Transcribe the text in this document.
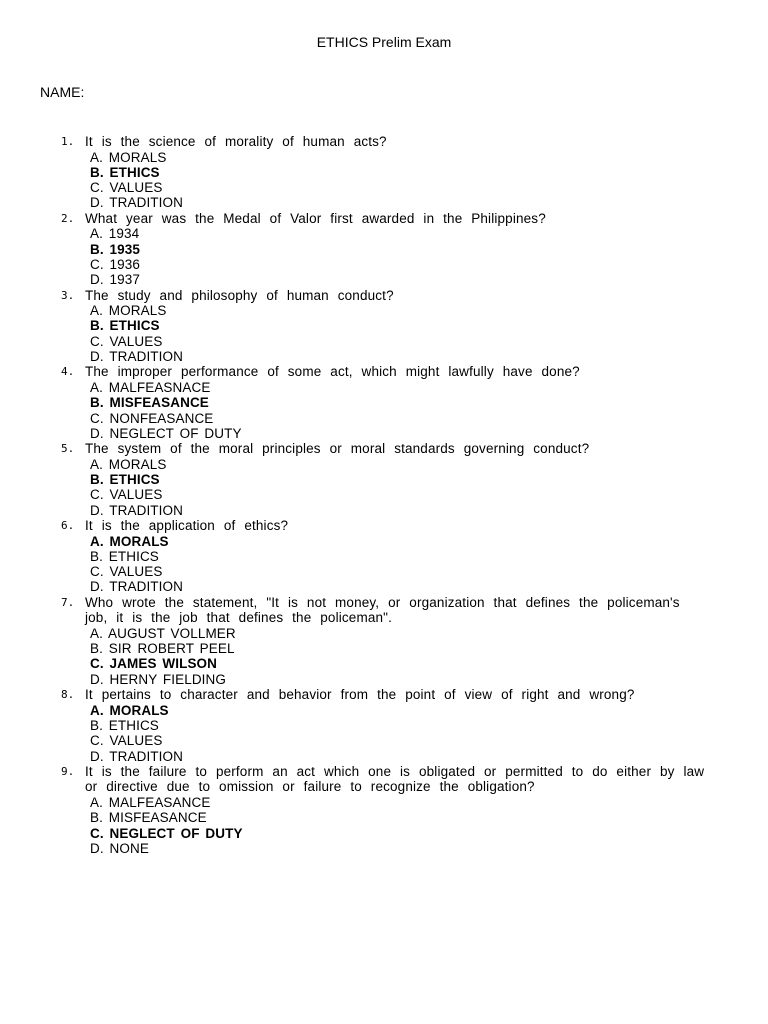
ETHICS Prelim Exam
NAME:
1. It is the science of morality of human acts?
A. MORALS
B. ETHICS
C. VALUES
D. TRADITION
2. What year was the Medal of Valor first awarded in the Philippines?
A. 1934
B. 1935
C. 1936
D. 1937
3. The study and philosophy of human conduct?
A. MORALS
B. ETHICS
C. VALUES
D. TRADITION
4. The improper performance of some act, which might lawfully have done?
A. MALFEASNACE
B. MISFEASANCE
C. NONFEASANCE
D. NEGLECT OF DUTY
5. The system of the moral principles or moral standards governing conduct?
A. MORALS
B. ETHICS
C. VALUES
D. TRADITION
6. It is the application of ethics?
A. MORALS
B. ETHICS
C. VALUES
D. TRADITION
7. Who wrote the statement, "It is not money, or organization that defines the policeman's job, it is the job that defines the policeman".
A. AUGUST VOLLMER
B. SIR ROBERT PEEL
C. JAMES WILSON
D. HERNY FIELDING
8. It pertains to character and behavior from the point of view of right and wrong?
A. MORALS
B. ETHICS
C. VALUES
D. TRADITION
9. It is the failure to perform an act which one is obligated or permitted to do either by law or directive due to omission or failure to recognize the obligation?
A. MALFEASANCE
B. MISFEASANCE
C. NEGLECT OF DUTY
D. NONE
